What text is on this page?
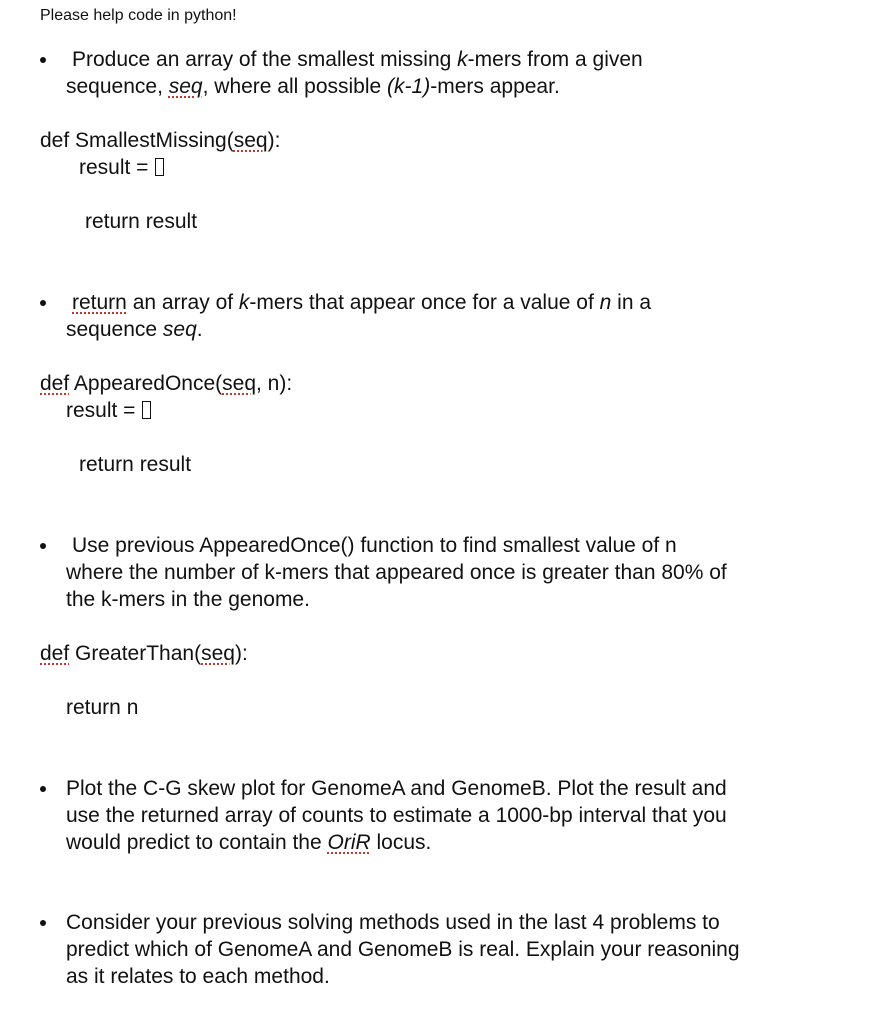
Please help code in python!
Produce an array of the smallest missing k-mers from a given
sequence, seq, where all possible (k-1)-mers appear.
def SmallestMissing(seq):
result =
return result
return an array of k-mers that appear once for a value of n in a
sequence seq.
def AppearedOnce(seq, n):
result =
return result
Use previous AppearedOnce() function to find smallest value of n
where the number of k-mers that appeared once is greater than 80% of
the k-mers in the genome.
def GreaterThan(seq):
return n
Plot the C-G skew plot for GenomeA and GenomeB. Plot the result and
use the returned array of counts to estimate a 1000-bp interval that you
would predict to contain the OriR locus.
Consider your previous solving methods used in the last 4 problems to
predict which of GenomeA and GenomeB is real. Explain your reasoning
as it relates to each method.
